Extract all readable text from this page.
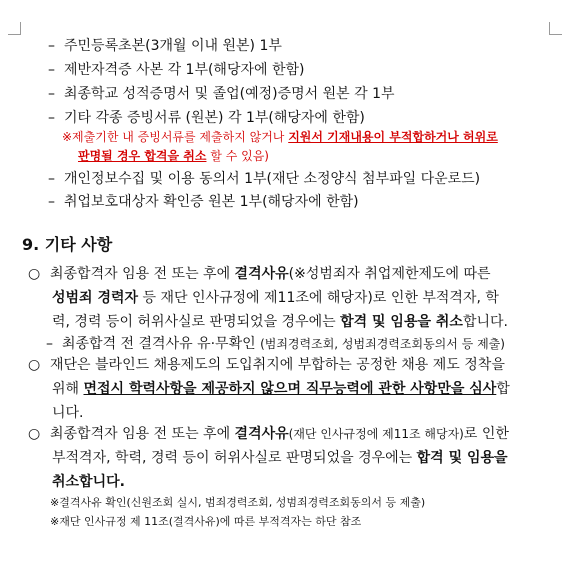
– 주민등록초본(3개월 이내 원본) 1부
– 제반자격증 사본 각 1부(해당자에 한함)
– 최종학교 성적증명서 및 졸업(예정)증명서 원본 각 1부
– 기타 각종 증빙서류 (원본) 각 1부(해당자에 한함)
※제출기한 내 증빙서류를 제출하지 않거나 지원서 기재내용이 부적합하거나 허위로
판명될 경우 합격을 취소 할 수 있음)
– 개인정보수집 및 이용 동의서 1부(재단 소정양식 첨부파일 다운로드)
– 취업보호대상자 확인증 원본 1부(해당자에 한함)
9. 기타 사항
○ 최종합격자 임용 전 또는 후에 결격사유(※성범죄자 취업제한제도에 따른
성범죄 경력자 등 재단 인사규정에 제11조에 해당자)로 인한 부적격자, 학
력, 경력 등이 허위사실로 판명되었을 경우에는 합격 및 임용을 취소합니다.
– 최종합격 전 결격사유 유·무확인 (범죄경력조회, 성범죄경력조회동의서 등 제출)
○ 재단은 블라인드 채용제도의 도입취지에 부합하는 공정한 채용 제도 정착을
위해 면접시 학력사항을 제공하지 않으며 직무능력에 관한 사항만을 심사합
니다.
○ 최종합격자 임용 전 또는 후에 결격사유(재단 인사규정에 제11조 해당자)로 인한
부적격자, 학력, 경력 등이 허위사실로 판명되었을 경우에는 합격 및 임용을
취소합니다.
※결격사유 확인(신원조회 실시, 범죄경력조회, 성범죄경력조회동의서 등 제출)
※재단 인사규정 제 11조(결격사유)에 따른 부적격자는 하단 참조
